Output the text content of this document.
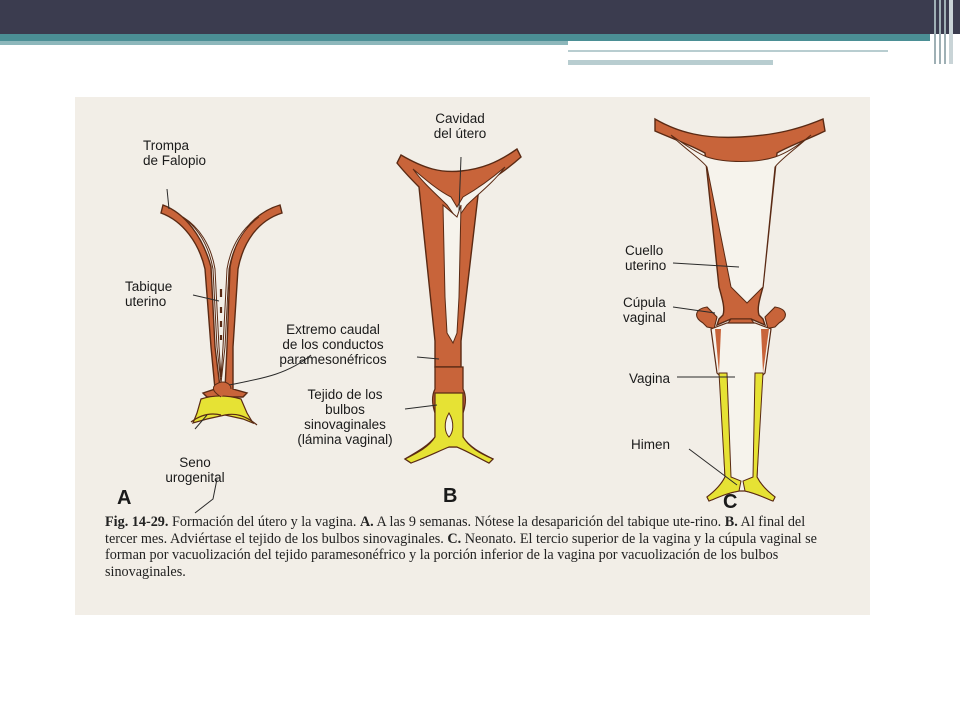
Trompa
de Falopio
Tabique
uterino
Extremo caudal
de los conductos
paramesonéfricos
Seno
urogenital
Cavidad
del útero
Tejido de los
bulbos
sinovaginales
(lámina vaginal)
Cuello
uterino
Cúpula
vaginal
Vagina
Himen
A	B	C
Fig. 14-29. Formación del útero y la vagina. A. A las 9 semanas. Nótese la desaparición del tabique ute-rino. B. Al final del tercer mes. Adviértase el tejido de los bulbos sinovaginales. C. Neonato. El tercio superior de la vagina y la cúpula vaginal se forman por vacuolización del tejido paramesonéfrico y la porción inferior de la vagina por vacuolización de los bulbos sinovaginales.
